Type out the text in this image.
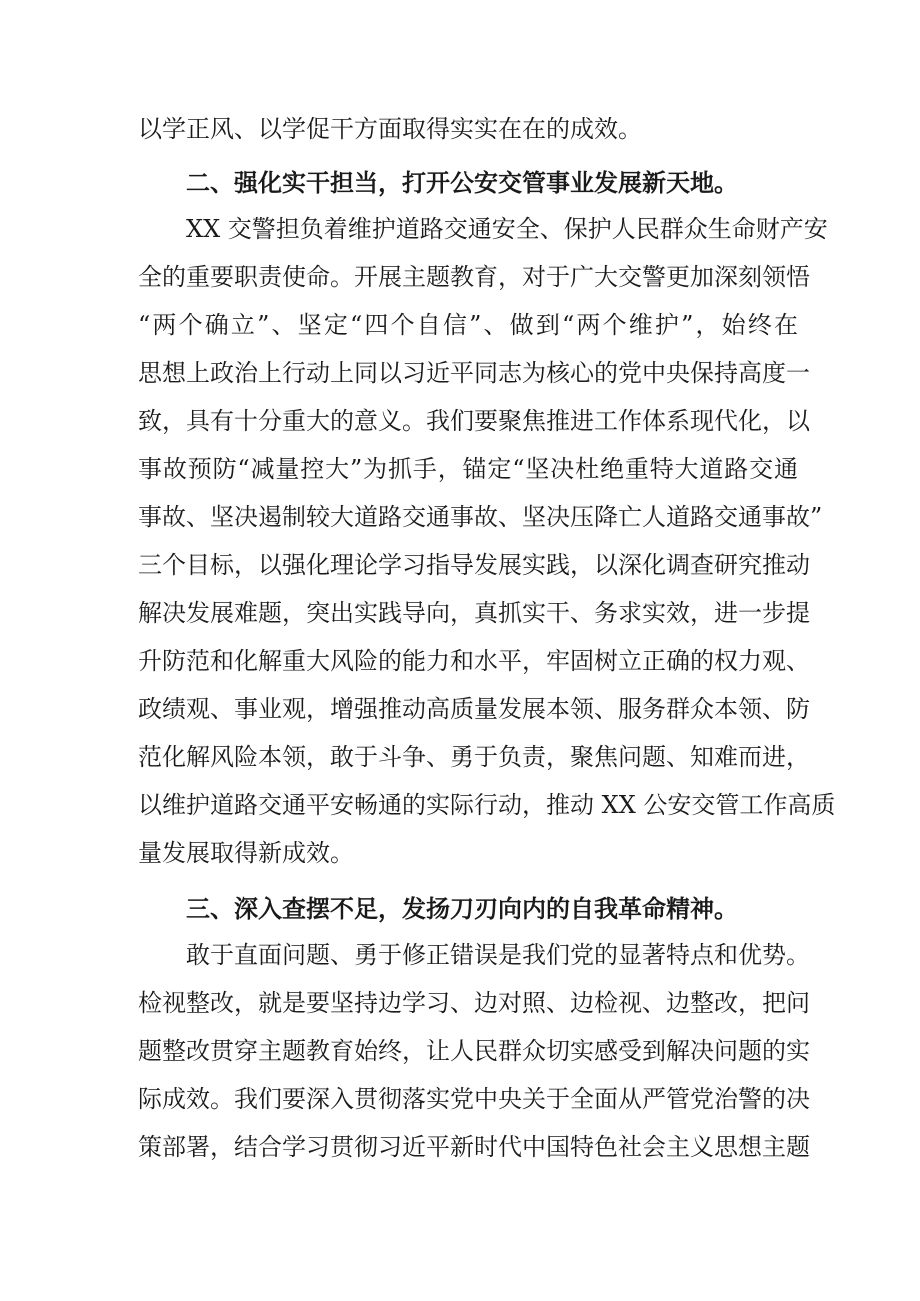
以学正风、以学促干方面取得实实在在的成效。
二、强化实干担当，打开公安交管事业发展新天地。
XX 交警担负着维护道路交通安全、保护人民群众生命财产安
全的重要职责使命。开展主题教育，对于广大交警更加深刻领悟
“两个确立”、坚定“四个自信”、做到“两个维护”，始终在
思想上政治上行动上同以习近平同志为核心的党中央保持高度一
致，具有十分重大的意义。我们要聚焦推进工作体系现代化，以
事故预防“减量控大”为抓手，锚定“坚决杜绝重特大道路交通
事故、坚决遏制较大道路交通事故、坚决压降亡人道路交通事故”
三个目标，以强化理论学习指导发展实践，以深化调查研究推动
解决发展难题，突出实践导向，真抓实干、务求实效，进一步提
升防范和化解重大风险的能力和水平，牢固树立正确的权力观、
政绩观、事业观，增强推动高质量发展本领、服务群众本领、防
范化解风险本领，敢于斗争、勇于负责，聚焦问题、知难而进，
以维护道路交通平安畅通的实际行动，推动 XX 公安交管工作高质
量发展取得新成效。
三、深入查摆不足，发扬刀刃向内的自我革命精神。
敢于直面问题、勇于修正错误是我们党的显著特点和优势。
检视整改，就是要坚持边学习、边对照、边检视、边整改，把问
题整改贯穿主题教育始终，让人民群众切实感受到解决问题的实
际成效。我们要深入贯彻落实党中央关于全面从严管党治警的决
策部署，结合学习贯彻习近平新时代中国特色社会主义思想主题
